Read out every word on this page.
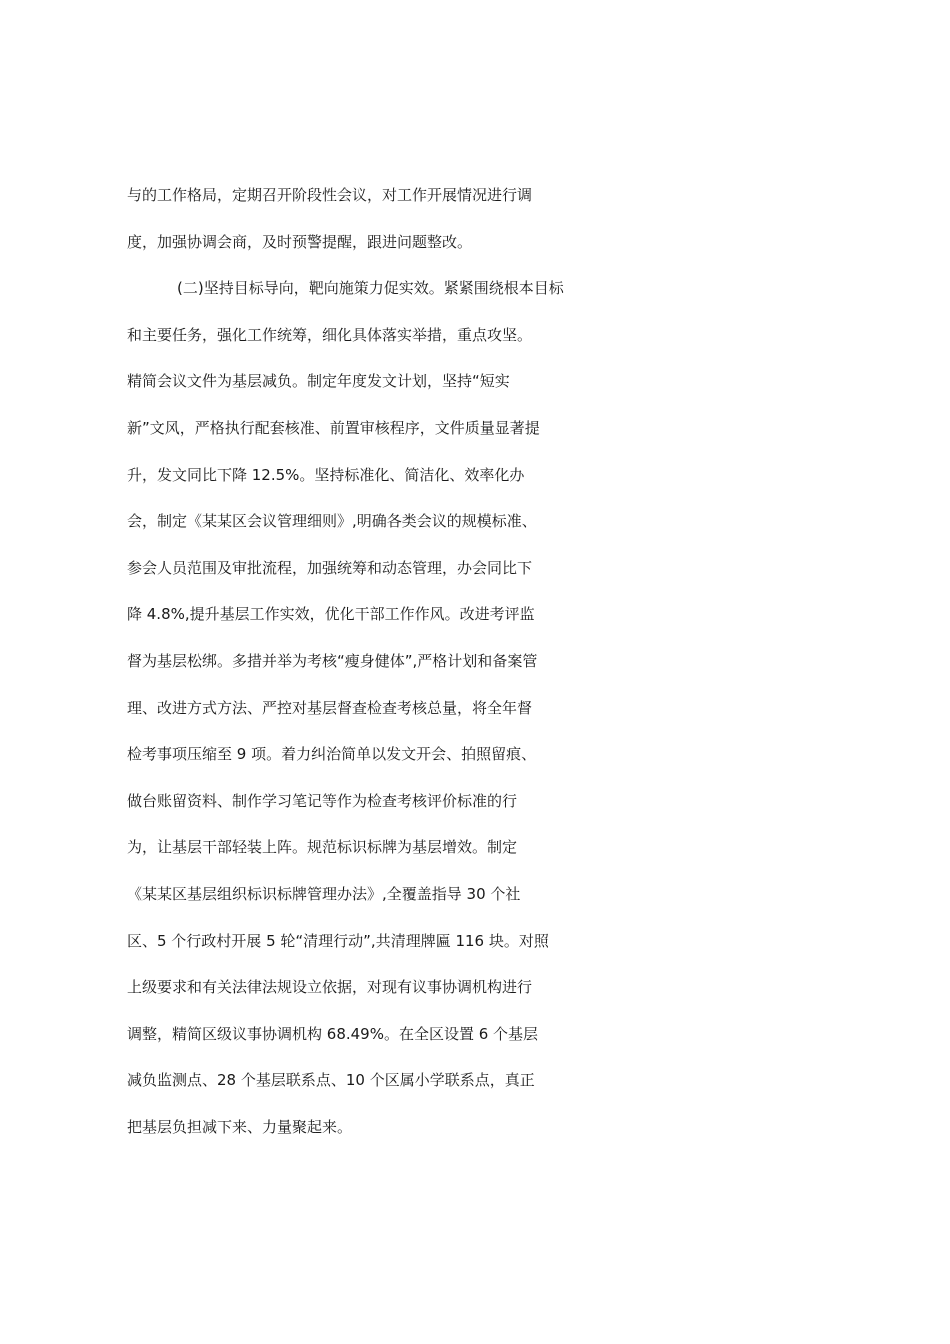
与的工作格局，定期召开阶段性会议，对工作开展情况进行调
度，加强协调会商，及时预警提醒，跟进问题整改。
(二)坚持目标导向，靶向施策力促实效。紧紧围绕根本目标
和主要任务，强化工作统筹，细化具体落实举措，重点攻坚。
精简会议文件为基层减负。制定年度发文计划，坚持“短实
新”文风，严格执行配套核准、前置审核程序，文件质量显著提
升，发文同比下降 12.5%。坚持标准化、简洁化、效率化办
会，制定《某某区会议管理细则》,明确各类会议的规模标准、
参会人员范围及审批流程，加强统筹和动态管理，办会同比下
降 4.8%,提升基层工作实效，优化干部工作作风。改进考评监
督为基层松绑。多措并举为考核“瘦身健体”,严格计划和备案管
理、改进方式方法、严控对基层督查检查考核总量，将全年督
检考事项压缩至 9 项。着力纠治简单以发文开会、拍照留痕、
做台账留资料、制作学习笔记等作为检查考核评价标准的行
为，让基层干部轻装上阵。规范标识标牌为基层增效。制定
《某某区基层组织标识标牌管理办法》,全覆盖指导 30 个社
区、5 个行政村开展 5 轮“清理行动”,共清理牌匾 116 块。对照
上级要求和有关法律法规设立依据，对现有议事协调机构进行
调整，精简区级议事协调机构 68.49%。在全区设置 6 个基层
减负监测点、28 个基层联系点、10 个区属小学联系点，真正
把基层负担减下来、力量聚起来。
